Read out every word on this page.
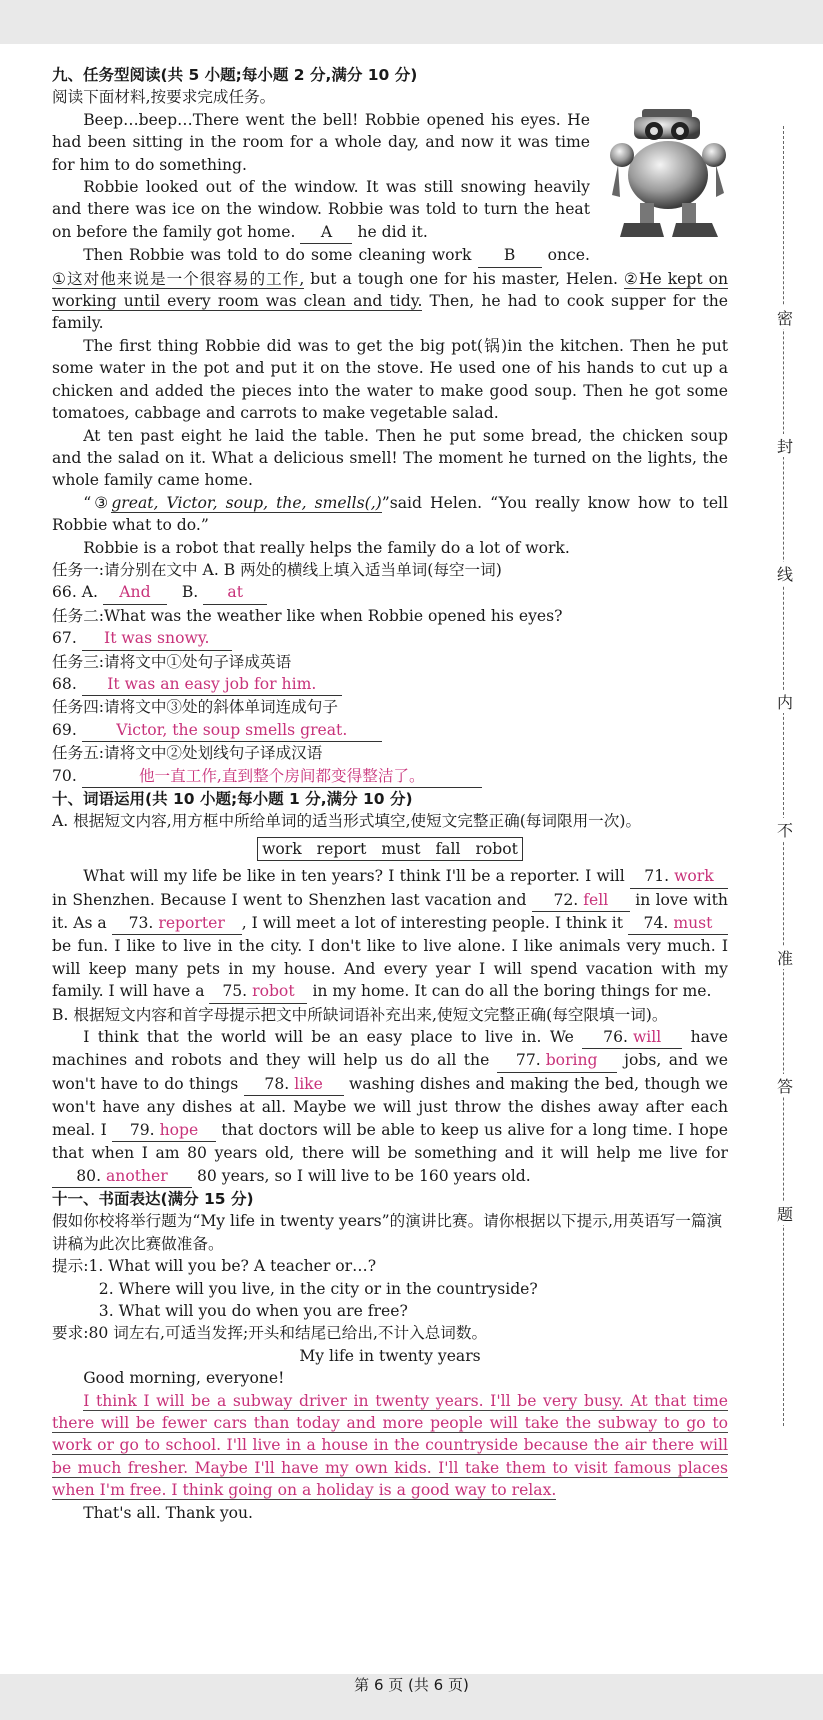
密
封
线
内
不
准
答
题
九、任务型阅读(共 5 小题;每小题 2 分,满分 10 分)
阅读下面材料,按要求完成任务。

Beep…beep…There went the bell! Robbie opened his eyes. He had been sitting in the room for a whole day, and now it was time for him to do something.

Robbie looked out of the window. It was still snowing heavily and there was ice on the window. Robbie was told to turn the heat on before the family got home. A he did it.

Then Robbie was told to do some cleaning work B once. ①这对他来说是一个很容易的工作, but a tough one for his master, Helen. ②He kept on working until every room was clean and tidy. Then, he had to cook supper for the family.

The first thing Robbie did was to get the big pot(锅)in the kitchen. Then he put some water in the pot and put it on the stove. He used one of his hands to cut up a chicken and added the pieces into the water to make good soup. Then he got some tomatoes, cabbage and carrots to make vegetable salad.

At ten past eight he laid the table. Then he put some bread, the chicken soup and the salad on it. What a delicious smell! The moment he turned on the lights, the whole family came home.

“③great, Victor, soup, the, smells(,)”said Helen. “You really know how to tell Robbie what to do.”

Robbie is a robot that really helps the family do a lot of work.

任务一:请分别在文中 A. B 两处的横线上填入适当单词(每空一词)
66. A. And B. at
任务二:What was the weather like when Robbie opened his eyes?
67. It was snowy.
任务三:请将文中①处句子译成英语
68. It was an easy job for him.
任务四:请将文中③处的斜体单词连成句子
69.	Victor, the soup smells great.
任务五:请将文中②处划线句子译成汉语
70.	他一直工作,直到整个房间都变得整洁了。
十、词语运用(共 10 小题;每小题 1 分,满分 10 分)
A. 根据短文内容,用方框中所给单词的适当形式填空,使短文完整正确(每词限用一次)。
work report must fall robot

What will my life be like in ten years? I think I'll be a reporter. I will 71. work in Shenzhen. Because I went to Shenzhen last vacation and 72. fell in love with it. As a 73. reporter , I will meet a lot of interesting people. I think it 74. must be fun. I like to live in the city. I don't like to live alone. I like animals very much. I will keep many pets in my house. And every year I will spend vacation with my family. I will have a 75. robot in my home. It can do all the boring things for me.

B. 根据短文内容和首字母提示把文中所缺词语补充出来,使短文完整正确(每空限填一词)。

I think that the world will be an easy place to live in. We 76. will have machines and robots and they will help us do all the 77. boring jobs, and we won't have to do things 78. like washing dishes and making the bed, though we won't have any dishes at all. Maybe we will just throw the dishes away after each meal. I 79. hope that doctors will be able to keep us alive for a long time. I hope that when I am 80 years old, there will be something and it will help me live for 80. another 80 years, so I will live to be 160 years old.

十一、书面表达(满分 15 分)
假如你校将举行题为“My life in twenty years”的演讲比赛。请你根据以下提示,用英语写一篇演讲稿为此次比赛做准备。
提示:1. What will you be? A teacher or…?
2. Where will you live, in the city or in the countryside?
3. What will you do when you are free?
要求:80 词左右,可适当发挥;开头和结尾已给出,不计入总词数。
My life in twenty years
Good morning, everyone!
I think I will be a subway driver in twenty years. I'll be very busy. At that time there will be fewer cars than today and more people will take the subway to go to work or go to school. I'll live in a house in the countryside because the air there will be much fresher. Maybe I'll have my own kids. I'll take them to visit famous places when I'm free. I think going on a holiday is a good way to relax.
That's all. Thank you.
第 6 页 (共 6 页)
